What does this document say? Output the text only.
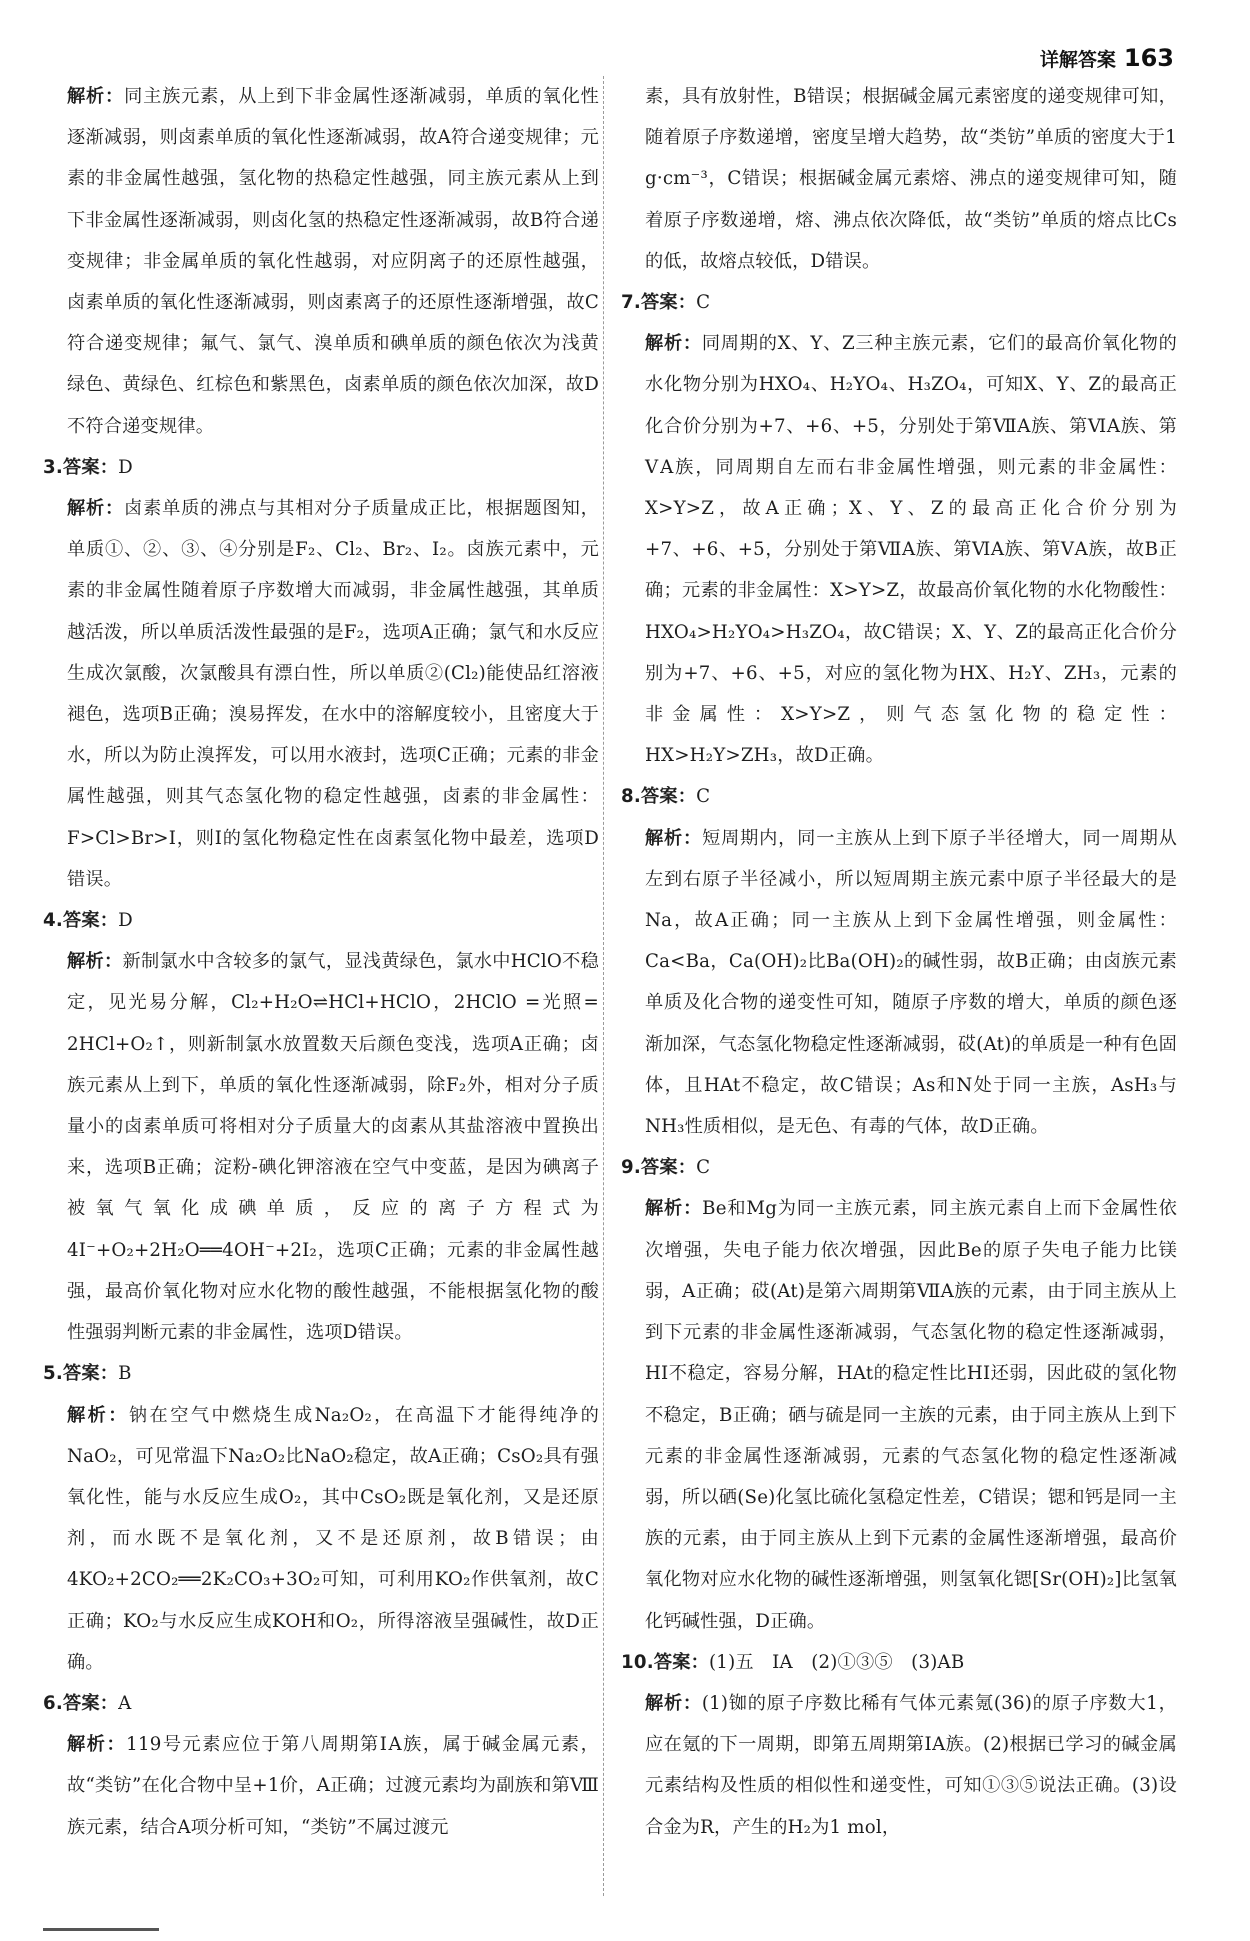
详解答案 163
解析：同主族元素，从上到下非金属性逐渐减弱，单质的氧化性逐渐减弱，则卤素单质的氧化性逐渐减弱，故A符合递变规律；元素的非金属性越强，氢化物的热稳定性越强，同主族元素从上到下非金属性逐渐减弱，则卤化氢的热稳定性逐渐减弱，故B符合递变规律；非金属单质的氧化性越弱，对应阴离子的还原性越强，卤素单质的氧化性逐渐减弱，则卤素离子的还原性逐渐增强，故C符合递变规律；氟气、氯气、溴单质和碘单质的颜色依次为浅黄绿色、黄绿色、红棕色和紫黑色，卤素单质的颜色依次加深，故D不符合递变规律。
3.答案：D
解析：卤素单质的沸点与其相对分子质量成正比，根据题图知，单质①、②、③、④分别是F₂、Cl₂、Br₂、I₂。卤族元素中，元素的非金属性随着原子序数增大而减弱，非金属性越强，其单质越活泼，所以单质活泼性最强的是F₂，选项A正确；氯气和水反应生成次氯酸，次氯酸具有漂白性，所以单质②(Cl₂)能使品红溶液褪色，选项B正确；溴易挥发，在水中的溶解度较小，且密度大于水，所以为防止溴挥发，可以用水液封，选项C正确；元素的非金属性越强，则其气态氢化物的稳定性越强，卤素的非金属性：F>Cl>Br>I，则I的氢化物稳定性在卤素氢化物中最差，选项D错误。
4.答案：D
解析：新制氯水中含较多的氯气，显浅黄绿色，氯水中HClO不稳定，见光易分解，Cl₂+H₂O⇌HCl+HClO，2HClO =光照= 2HCl+O₂↑，则新制氯水放置数天后颜色变浅，选项A正确；卤族元素从上到下，单质的氧化性逐渐减弱，除F₂外，相对分子质量小的卤素单质可将相对分子质量大的卤素从其盐溶液中置换出来，选项B正确；淀粉-碘化钾溶液在空气中变蓝，是因为碘离子被氧气氧化成碘单质，反应的离子方程式为4I⁻+O₂+2H₂O══4OH⁻+2I₂，选项C正确；元素的非金属性越强，最高价氧化物对应水化物的酸性越强，不能根据氢化物的酸性强弱判断元素的非金属性，选项D错误。
5.答案：B
解析：钠在空气中燃烧生成Na₂O₂，在高温下才能得纯净的NaO₂，可见常温下Na₂O₂比NaO₂稳定，故A正确；CsO₂具有强氧化性，能与水反应生成O₂，其中CsO₂既是氧化剂，又是还原剂，而水既不是氧化剂，又不是还原剂，故B错误；由4KO₂+2CO₂══2K₂CO₃+3O₂可知，可利用KO₂作供氧剂，故C正确；KO₂与水反应生成KOH和O₂，所得溶液呈强碱性，故D正确。
6.答案：A
解析：119号元素应位于第八周期第ⅠA族，属于碱金属元素，故“类钫”在化合物中呈+1价，A正确；过渡元素均为副族和第Ⅷ族元素，结合A项分析可知，“类钫”不属过渡元
素，具有放射性，B错误；根据碱金属元素密度的递变规律可知，随着原子序数递增，密度呈增大趋势，故“类钫”单质的密度大于1 g·cm⁻³，C错误；根据碱金属元素熔、沸点的递变规律可知，随着原子序数递增，熔、沸点依次降低，故“类钫”单质的熔点比Cs的低，故熔点较低，D错误。
7.答案：C
解析：同周期的X、Y、Z三种主族元素，它们的最高价氧化物的水化物分别为HXO₄、H₂YO₄、H₃ZO₄，可知X、Y、Z的最高正化合价分别为+7、+6、+5，分别处于第ⅦA族、第ⅥA族、第ⅤA族，同周期自左而右非金属性增强，则元素的非金属性：X>Y>Z，故A正确；X、Y、Z的最高正化合价分别为+7、+6、+5，分别处于第ⅦA族、第ⅥA族、第ⅤA族，故B正确；元素的非金属性：X>Y>Z，故最高价氧化物的水化物酸性：HXO₄>H₂YO₄>H₃ZO₄，故C错误；X、Y、Z的最高正化合价分别为+7、+6、+5，对应的氢化物为HX、H₂Y、ZH₃，元素的非金属性：X>Y>Z，则气态氢化物的稳定性：HX>H₂Y>ZH₃，故D正确。
8.答案：C
解析：短周期内，同一主族从上到下原子半径增大，同一周期从左到右原子半径减小，所以短周期主族元素中原子半径最大的是Na，故A正确；同一主族从上到下金属性增强，则金属性：Ca<Ba，Ca(OH)₂比Ba(OH)₂的碱性弱，故B正确；由卤族元素单质及化合物的递变性可知，随原子序数的增大，单质的颜色逐渐加深，气态氢化物稳定性逐渐减弱，砹(At)的单质是一种有色固体，且HAt不稳定，故C错误；As和N处于同一主族，AsH₃与NH₃性质相似，是无色、有毒的气体，故D正确。
9.答案：C
解析：Be和Mg为同一主族元素，同主族元素自上而下金属性依次增强，失电子能力依次增强，因此Be的原子失电子能力比镁弱，A正确；砹(At)是第六周期第ⅦA族的元素，由于同主族从上到下元素的非金属性逐渐减弱，气态氢化物的稳定性逐渐减弱，HI不稳定，容易分解，HAt的稳定性比HI还弱，因此砹的氢化物不稳定，B正确；硒与硫是同一主族的元素，由于同主族从上到下元素的非金属性逐渐减弱，元素的气态氢化物的稳定性逐渐减弱，所以硒(Se)化氢比硫化氢稳定性差，C错误；锶和钙是同一主族的元素，由于同主族从上到下元素的金属性逐渐增强，最高价氧化物对应水化物的碱性逐渐增强，则氢氧化锶[Sr(OH)₂]比氢氧化钙碱性强，D正确。
10.答案：(1)五　ⅠA　(2)①③⑤　(3)AB
解析：(1)铷的原子序数比稀有气体元素氪(36)的原子序数大1，应在氪的下一周期，即第五周期第ⅠA族。(2)根据已学习的碱金属元素结构及性质的相似性和递变性，可知①③⑤说法正确。(3)设合金为R，产生的H₂为1 mol，
